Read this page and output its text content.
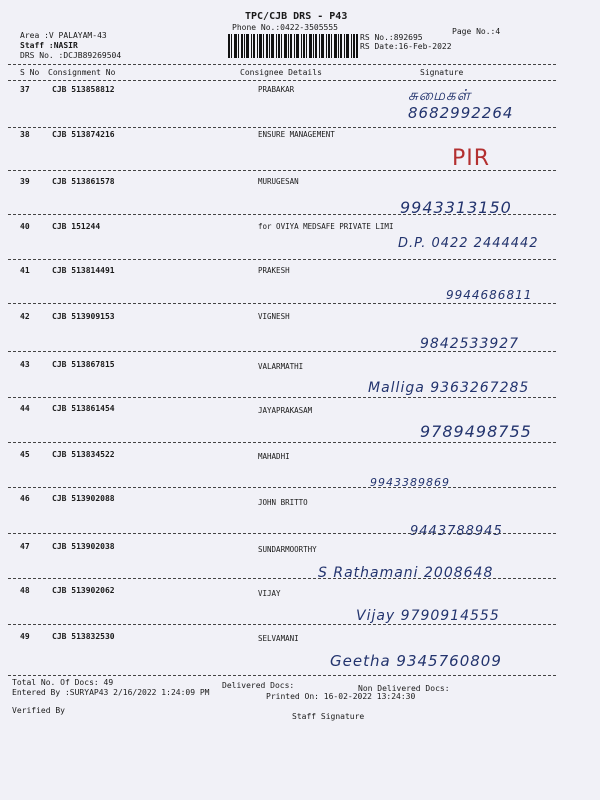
TPC/CJB DRS - P43
Phone No.:0422-3505555
Area :V PALAYAM-43
Staff :NASIR
DRS No. :DCJB89269504
Page No.:4
RS No.:892695
RS Date:16-Feb-2022
S No Consignment No	Consignee Details	Signature
37	CJB 513858812	PRABAKAR	சுமைகள் 8682992264
38	CJB 513874216	ENSURE MANAGEMENT
PIR
39	CJB 513861578	MURUGESAN
9943313150
40	CJB 151244	for OVIYA MEDSAFE PRIVATE LIMI
D.P. 0422 2444442
41	CJB 513814491	PRAKESH
9944686811
42	CJB 513909153	VIGNESH
9842533927
43	CJB 513867815	VALARMATHI
Malliga 9363267285
44	CJB 513861454	JAYAPRAKASAM
9789498755
45	CJB 513834522	MAHADHI
9943389869
46	CJB 513902088	JOHN BRITTO
9443788945
47	CJB 513902038	SUNDARMOORTHY
S Rathamani 2008648
48	CJB 513902062	VIJAY
Vijay 9790914555
49	CJB 513832530	SELVAMANI
Geetha 9345760809
Total No. Of Docs: 49
Entered By :SURYAP43 2/16/2022 1:24:09 PM
Delivered Docs:
Printed On: 16-02-2022 13:24:30
Non Delivered Docs:
Verified By
Staff Signature
